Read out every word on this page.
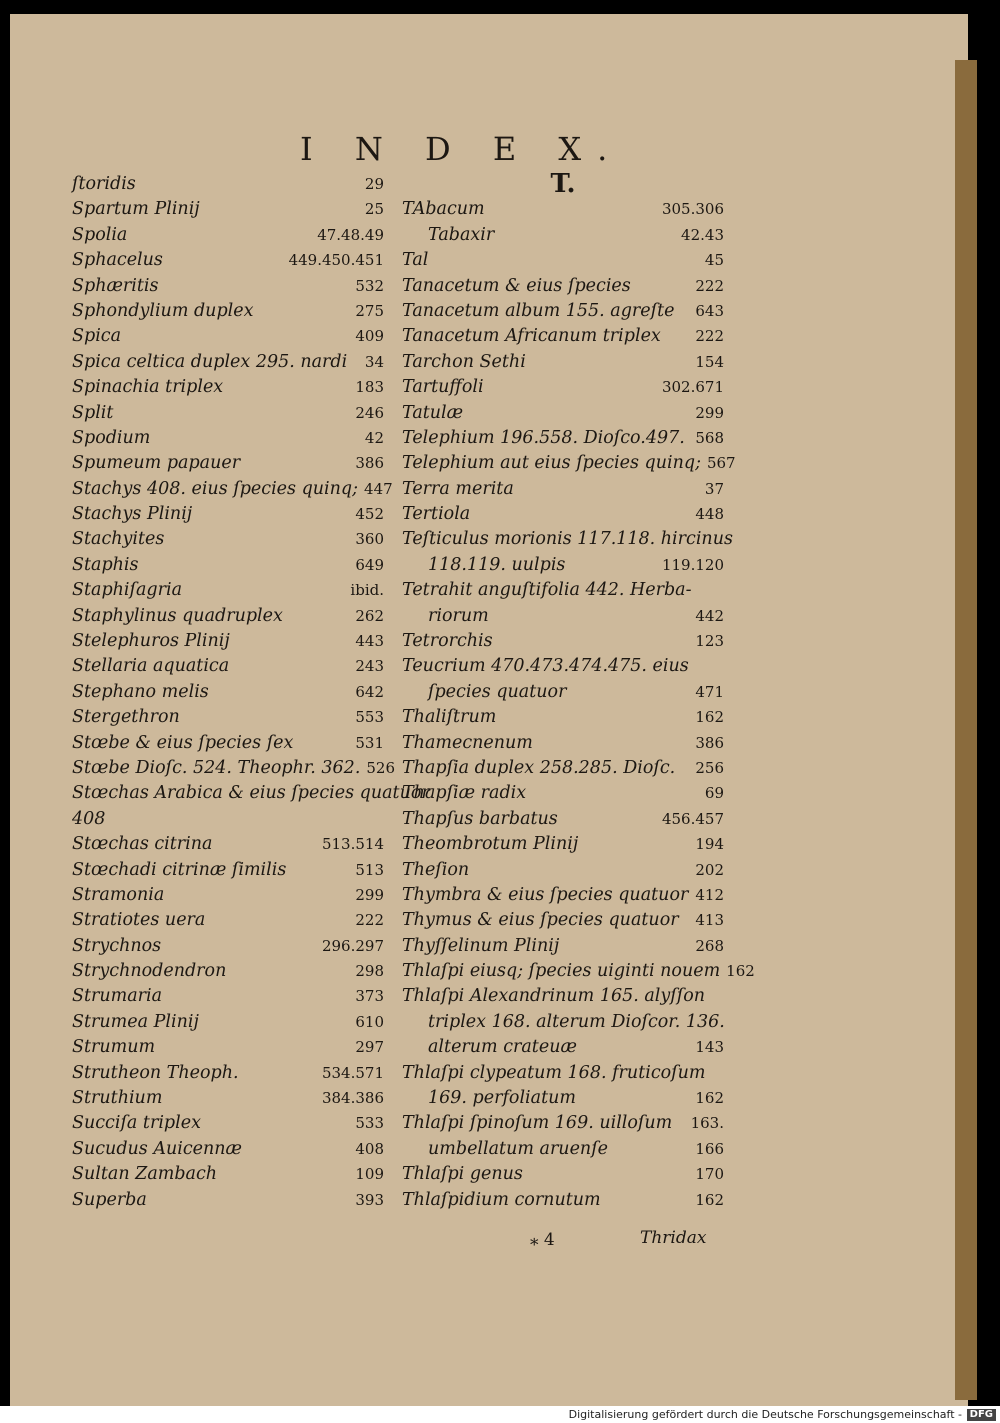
I N D E X.
ſtoridis	29
Spartum Plinij	25
Spolia	47.48.49
Sphacelus	449.450.451
Sphæritis	532
Sphondylium duplex	275
Spica	409
Spica celtica duplex 295. nardi 34
Spinachia triplex	183
Split	246
Spodium	42
Spumeum papauer	386
Stachys 408. eius ſpecies quinq; 447
Stachys Plinij	452
Stachyites	360
Staphis	649
Staphiſagria	ibid.
Staphylinus quadruplex	262
Stelephuros Plinij	443
Stellaria aquatica	243
Stephano melis	642
Stergethron	553
Stœbe & eius ſpecies ſex	531
Stœbe Dioſc. 524. Theophr. 362. 526
Stœchas Arabica & eius ſpecies quatuor
408
Stœchas citrina	513.514
Stœchadi citrinæ ſimilis	513
Stramonia	299
Stratiotes uera	222
Strychnos	296.297
Strychnodendron	298
Strumaria	373
Strumea Plinij	610
Strumum	297
Strutheon Theoph.	534.571
Struthium	384.386
Succiſa triplex	533
Sucudus Auicennæ	408
Sultan Zambach	109
Superba	393
T.
TAbacum	305.306
Tabaxir	42.43
Tal	45
Tanacetum & eius ſpecies	222
Tanacetum album 155. agreſte 643
Tanacetum Africanum triplex 222
Tarchon Sethi	154
Tartuffoli	302.671
Tatulæ	299
Telephium 196.558. Dioſco.497. 568
Telephium aut eius ſpecies quinq; 567
Terra merita	37
Tertiola	448
Teſticulus morionis 117.118. hircinus
118.119. uulpis	119.120
Tetrahit anguſtifolia 442. Herba-
riorum	442
Tetrorchis	123
Teucrium 470.473.474.475. eius
ſpecies quatuor	471
Thaliſtrum	162
Thamecnenum	386
Thapſia duplex 258.285. Dioſc. 256
Thapſiæ radix	69
Thapſus barbatus	456.457
Theombrotum Plinij	194
Theſion	202
Thymbra & eius ſpecies quatuor 412
Thymus & eius ſpecies quatuor 413
Thyſſelinum Plinij	268
Thlaſpi eiusq; ſpecies uiginti nouem 162
Thlaſpi Alexandrinum 165. alyſſon
triplex 168. alterum Dioſcor. 136.
alterum crateuæ	143
Thlaſpi clypeatum 168. fruticoſum
169. perfoliatum	162
Thlaſpi ſpinoſum 169. uilloſum 163.
umbellatum aruenſe	166
Thlaſpi genus	170
Thlaſpidium cornutum	162
⁎ 4	Thridax
Digitalisierung gefördert durch die Deutsche Forschungsgemeinschaft - DFG
